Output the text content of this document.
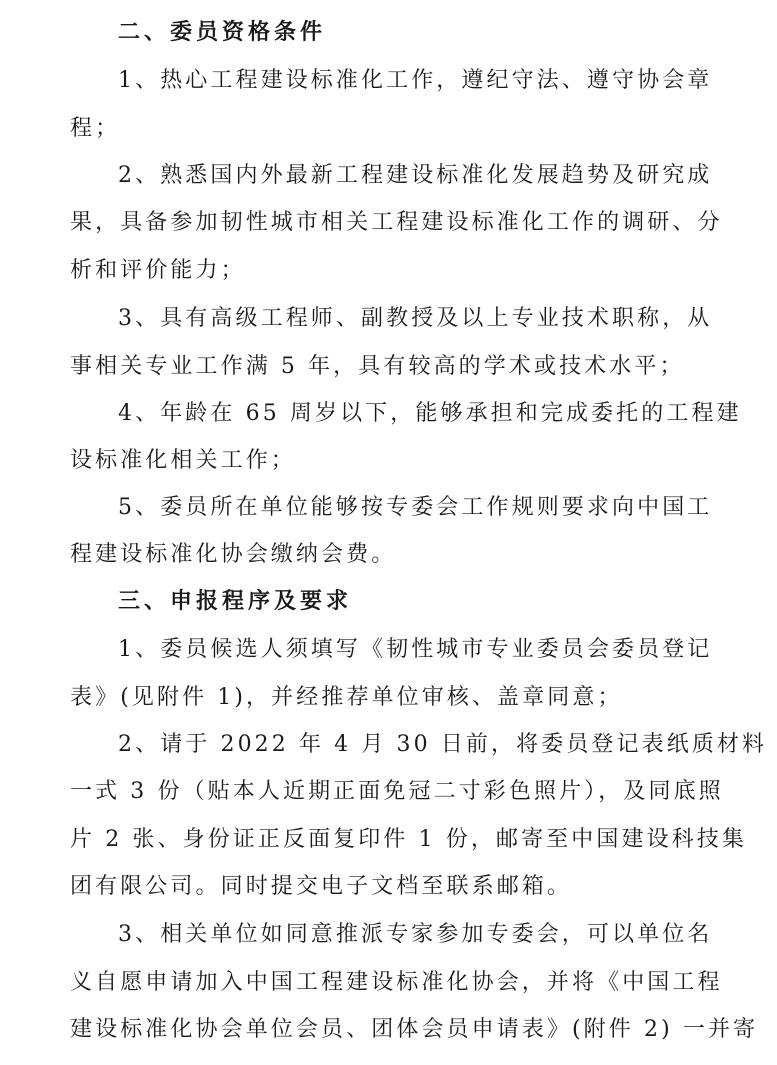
二、委员资格条件
1、热心工程建设标准化工作，遵纪守法、遵守协会章
程；
2、熟悉国内外最新工程建设标准化发展趋势及研究成
果，具备参加韧性城市相关工程建设标准化工作的调研、分
析和评价能力；
3、具有高级工程师、副教授及以上专业技术职称，从
事相关专业工作满 5 年，具有较高的学术或技术水平；
4、年龄在 65 周岁以下，能够承担和完成委托的工程建
设标准化相关工作；
5、委员所在单位能够按专委会工作规则要求向中国工
程建设标准化协会缴纳会费。
三、申报程序及要求
1、委员候选人须填写《韧性城市专业委员会委员登记
表》(见附件 1)，并经推荐单位审核、盖章同意；
2、请于 2022 年 4 月 30 日前，将委员登记表纸质材料
一式 3 份（贴本人近期正面免冠二寸彩色照片），及同底照
片 2 张、身份证正反面复印件 1 份，邮寄至中国建设科技集
团有限公司。同时提交电子文档至联系邮箱。
3、相关单位如同意推派专家参加专委会，可以单位名
义自愿申请加入中国工程建设标准化协会，并将《中国工程
建设标准化协会单位会员、团体会员申请表》(附件 2) 一并寄
